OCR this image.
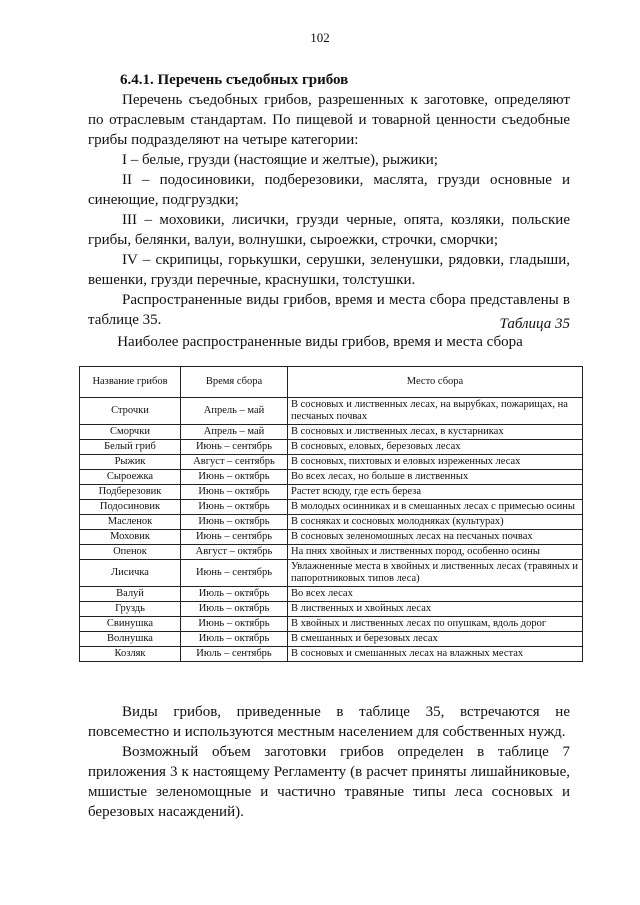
102
6.4.1. Перечень съедобных грибов

Перечень съедобных грибов, разрешенных к заготовке, определяют по отраслевым стандартам. По пищевой и товарной ценности съедобные грибы подразделяют на четыре категории:

I – белые, грузди (настоящие и желтые), рыжики;

II – подосиновики, подберезовики, маслята, грузди основные и синеющие, подгруздки;

III – моховики, лисички, грузди черные, опята, козляки, польские грибы, белянки, валуи, волнушки, сыроежки, строчки, сморчки;

IV – скрипицы, горькушки, серушки, зеленушки, рядовки, гладыши, вешенки, грузди перечные, краснушки, толстушки.

Распространенные виды грибов, время и места сбора представлены в таблице 35.	Таблица 35
Наиболее распространенные виды грибов, время и места сбора
Название грибов	Время сбора	Место сбора
Строчки	Апрель – май	В сосновых и лиственных лесах, на вырубках, пожарищах, на песчаных почвах
Сморчки	Апрель – май	В сосновых и лиственных лесах, в кустарниках
Белый гриб	Июнь – сентябрь	В сосновых, еловых, березовых лесах
Рыжик	Август – сентябрь	В сосновых, пихтовых и еловых изреженных лесах
Сыроежка	Июнь – октябрь	Во всех лесах, но больше в лиственных
Подберезовик	Июнь – октябрь	Растет всюду, где есть береза
Подосиновик	Июнь – октябрь	В молодых осинниках и в смешанных лесах с примесью осины
Масленок	Июнь – октябрь	В сосняках и сосновых молодняках (культурах)
Моховик	Июнь – сентябрь	В сосновых зеленомошных лесах на песчаных почвах
Опенок	Август – октябрь	На пнях хвойных и лиственных пород, особенно осины
Лисичка	Июнь – сентябрь	Увлажненные места в хвойных и лиственных лесах (травяных и папоротниковых типов леса)
Валуй	Июль – октябрь	Во всех лесах
Груздь	Июль – октябрь	В лиственных и хвойных лесах
Свинушка	Июнь – октябрь	В хвойных и лиственных лесах по опушкам, вдоль дорог
Волнушка	Июль – октябрь	В смешанных и березовых лесах
Козляк	Июль – сентябрь	В сосновых и смешанных лесах на влажных местах

Виды грибов, приведенные в таблице 35, встречаются не повсеместно и используются местным населением для собственных нужд.

Возможный объем заготовки грибов определен в таблице 7 приложения 3 к настоящему Регламенту (в расчет приняты лишайниковые, мшистые зеленомощные и частично травяные типы леса сосновых и березовых насаждений).
